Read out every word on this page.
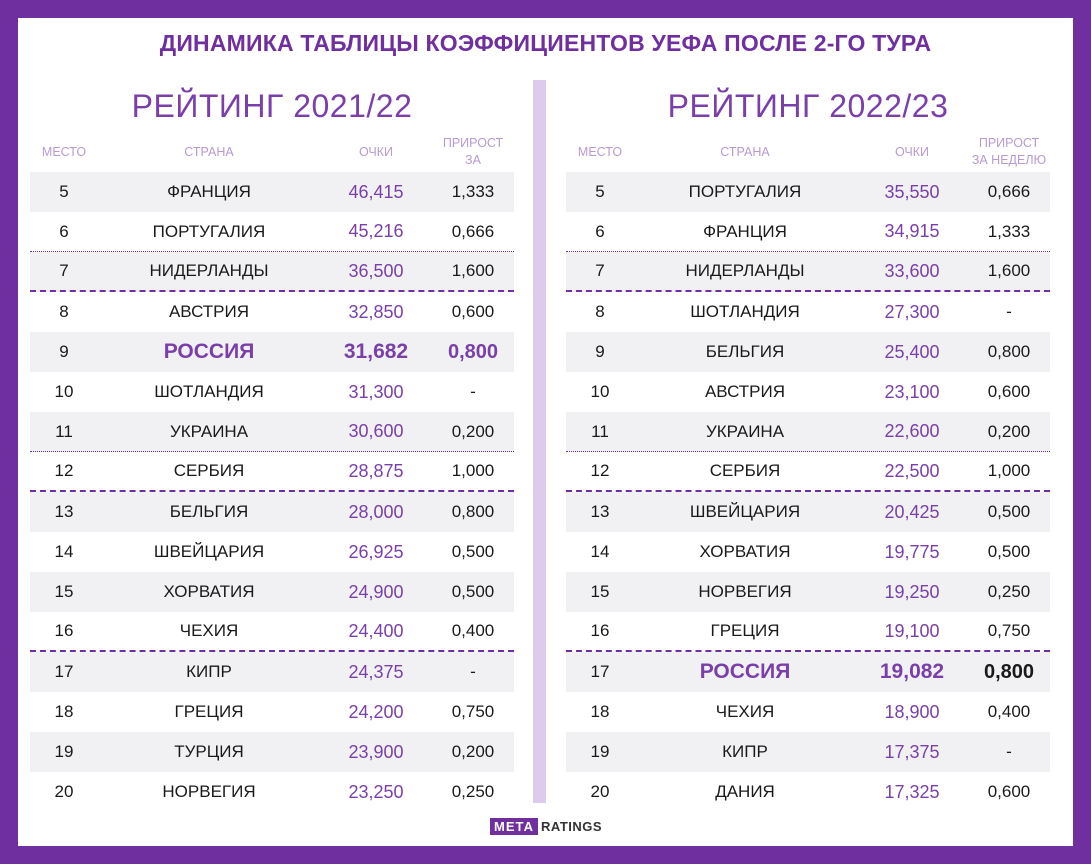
ДИНАМИКА ТАБЛИЦЫ КОЭФФИЦИЕНТОВ УЕФА ПОСЛЕ 2-ГО ТУРА
РЕЙТИНГ 2021/22
МЕСТО	СТРАНА	ОЧКИ
ПРИРОСТ
ЗА
5	ФРАНЦИЯ	46,415	1,333
6	ПОРТУГАЛИЯ	45,216	0,666
7	НИДЕРЛАНДЫ	36,500	1,600
8	АВСТРИЯ	32,850	0,600
9	РОССИЯ	31,682	0,800
10	ШОТЛАНДИЯ	31,300	-
11	УКРАИНА	30,600	0,200
12	СЕРБИЯ	28,875	1,000
13	БЕЛЬГИЯ	28,000	0,800
14	ШВЕЙЦАРИЯ	26,925	0,500
15	ХОРВАТИЯ	24,900	0,500
16	ЧЕХИЯ	24,400	0,400
17	КИПР	24,375	-
18	ГРЕЦИЯ	24,200	0,750
19	ТУРЦИЯ	23,900	0,200
20	НОРВЕГИЯ	23,250	0,250
РЕЙТИНГ 2022/23
МЕСТО	СТРАНА	ОЧКИ
ПРИРОСТ
ЗА НЕДЕЛЮ
5	ПОРТУГАЛИЯ	35,550	0,666
6	ФРАНЦИЯ	34,915	1,333
7	НИДЕРЛАНДЫ	33,600	1,600
8	ШОТЛАНДИЯ	27,300	-
9	БЕЛЬГИЯ	25,400	0,800
10	АВСТРИЯ	23,100	0,600
11	УКРАИНА	22,600	0,200
12	СЕРБИЯ	22,500	1,000
13	ШВЕЙЦАРИЯ	20,425	0,500
14	ХОРВАТИЯ	19,775	0,500
15	НОРВЕГИЯ	19,250	0,250
16	ГРЕЦИЯ	19,100	0,750
17	РОССИЯ	19,082	0,800
18	ЧЕХИЯ	18,900	0,400
19	КИПР	17,375	-
20	ДАНИЯ	17,325	0,600
МЕТА RATINGS
